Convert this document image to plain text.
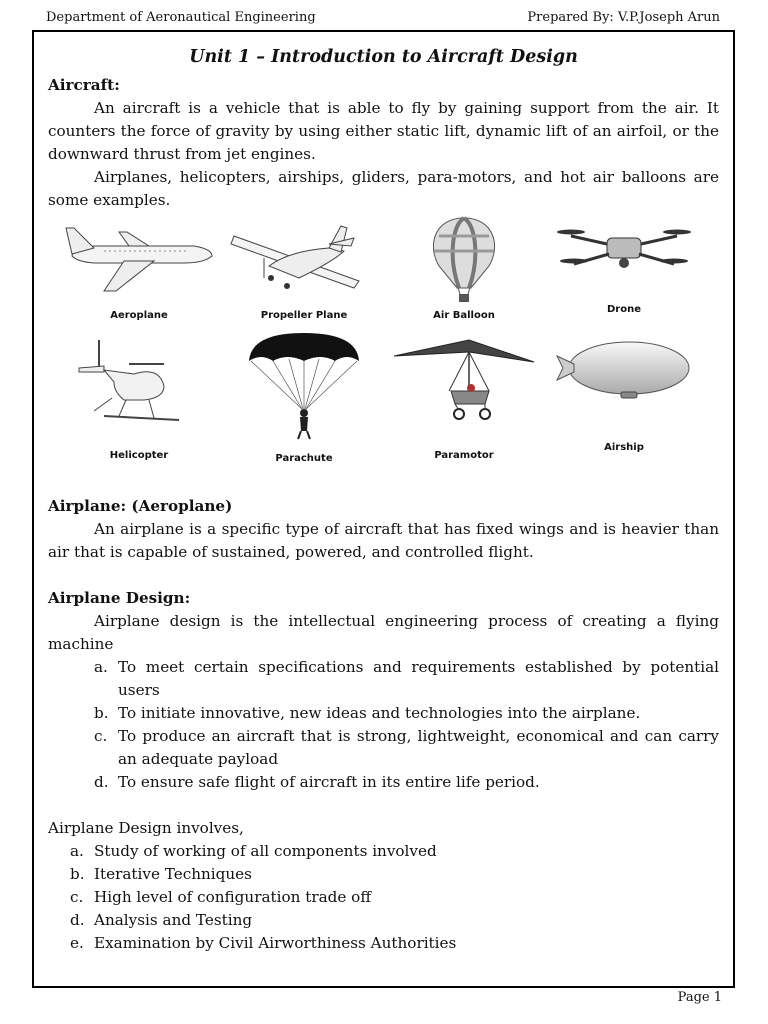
Department of Aeronautical Engineering	Prepared By: V.P.Joseph Arun
Unit 1 – Introduction to Aircraft Design
Aircraft:

An aircraft is a vehicle that is able to fly by gaining support from the air. It counters the force of gravity by using either static lift, dynamic lift of an airfoil, or the downward thrust from jet engines.

Airplanes, helicopters, airships, gliders, para-motors, and hot air balloons are some examples.

Aeroplane	Propeller Plane	Air Balloon
Drone
Helicopter	Parachute	Paramotor
Airship
Airplane: (Aeroplane)

An airplane is a specific type of aircraft that has fixed wings and is heavier than air that is capable of sustained, powered, and controlled flight.

Airplane Design:

Airplane design is the intellectual engineering process of creating a flying machine

a. To meet certain specifications and requirements established by potential users
b. To initiate innovative, new ideas and technologies into the airplane.
c. To produce an aircraft that is strong, lightweight, economical and can carry an adequate payload
d. To ensure safe flight of aircraft in its entire life period.

Airplane Design involves,

a. Study of working of all components involved
b. Iterative Techniques
c. High level of configuration trade off
d. Analysis and Testing
e. Examination by Civil Airworthiness Authorities
Page 1
